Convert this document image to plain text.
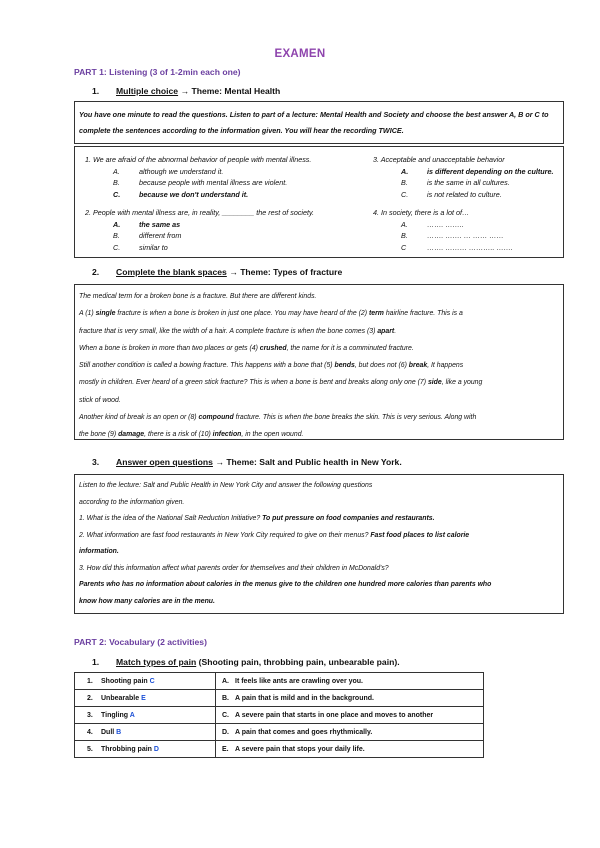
EXAMEN
PART 1: Listening (3 of 1-2min each one)
1. Multiple choice → Theme: Mental Health
You have one minute to read the questions. Listen to part of a lecture: Mental Health and Society and choose the best answer A, B or C to complete the sentences according to the information given. You will hear the recording TWICE.
1. We are afraid of the abnormal behavior of people with mental illness.
A.	although we understand it.
B.	because people with mental illness are violent.
C.	because we don't understand it.
2. People with mental illness are, in reality, ________ the rest of society.
A.	the same as
B.	different from
C.	similar to
3. Acceptable and unacceptable behavior
A.	is different depending on the culture.
B.	is the same in all cultures.
C.	is not related to culture.
4. In society, there is a lot of…
A.	……. ……..
B.	……. ……. … …… ……
C	……. ……… ……….. …….
2. Complete the blank spaces → Theme: Types of fracture
The medical term for a broken bone is a fracture. But there are different kinds.
A (1) single fracture is when a bone is broken in just one place. You may have heard of the (2) term hairline fracture. This is a
fracture that is very small, like the width of a hair. A complete fracture is when the bone comes (3) apart.
When a bone is broken in more than two places or gets (4) crushed, the name for it is a comminuted fracture.
Still another condition is called a bowing fracture. This happens with a bone that (5) bends, but does not (6) break, It happens
mostly in children. Ever heard of a green stick fracture? This is when a bone is bent and breaks along only one (7) side, like a young
stick of wood.
Another kind of break is an open or (8) compound fracture. This is when the bone breaks the skin. This is very serious. Along with
the bone (9) damage, there is a risk of (10) infection, in the open wound.
3. Answer open questions → Theme: Salt and Public health in New York.
Listen to the lecture: Salt and Public Health in New York City and answer the following questions
according to the information given.
1. What is the idea of the National Salt Reduction Initiative? To put pressure on food companies and restaurants.
2. What information are fast food restaurants in New York City required to give on their menus? Fast food places to list calorie
information.
3. How did this information affect what parents order for themselves and their children in McDonald's?
Parents who has no information about calories in the menus give to the children one hundred more calories than parents who
know how many calories are in the menu.
PART 2: Vocabulary (2 activities)
1. Match types of pain (Shooting pain, throbbing pain, unbearable pain).
1. Shooting pain C	A. It feels like ants are crawling over you.
2. Unbearable E	B. A pain that is mild and in the background.
3. Tingling A	C. A severe pain that starts in one place and moves to another
4. Dull B	D. A pain that comes and goes rhythmically.
5. Throbbing pain D	E. A severe pain that stops your daily life.
